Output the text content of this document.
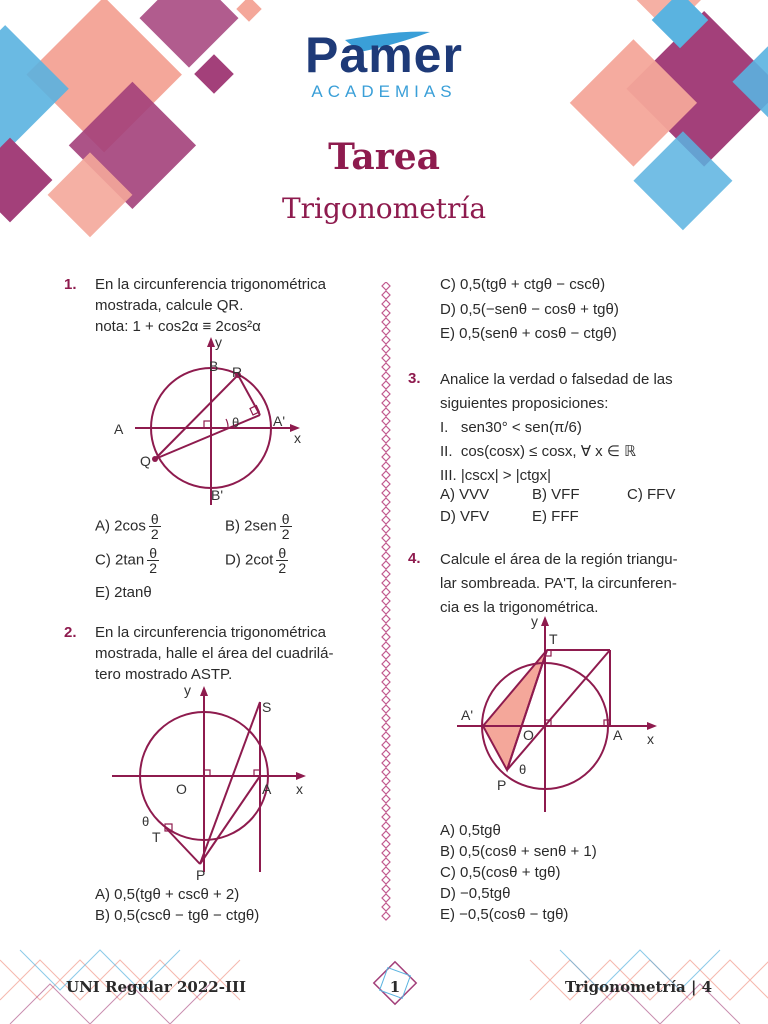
Pamer
ACADEMIAS
Tarea
Trigonometría
1. En la circunferencia trigonométrica
mostrada, calcule QR.
nota: 1 + cos2α ≡ 2cos²α
y
B R
A	A'
x
θ
Q
B'
A) $2\cos \frac{\theta}{2}$	B) $2sen \frac{\theta}{2}$
C) $2\tan \frac{\theta}{2}$	D) $2\cot \frac{\theta}{2}$
E) 2tanθ
2. En la circunferencia trigonométrica
mostrada, halle el área del cuadrilá-
tero mostrado ASTP.
y
S
O	A x
θ
T
P
A) 0,5(tgθ + cscθ + 2)
B) 0,5(cscθ − tgθ − ctgθ)
C) 0,5(tgθ + ctgθ − cscθ)
D) 0,5(−senθ − cosθ + tgθ)
E) 0,5(senθ + cosθ − ctgθ)
3. Analice la verdad o falsedad de las
siguientes proposiciones:
I.   sen30° < sen(π/6)
II.  cos(cosx) ≤ cosx, ∀ x ∈ ℝ
III. |cscx| > |ctgx|
A) VVV	B) VFF	C) FFV
D) VFV	E) FFF
4. Calcule el área de la región triangu-
lar sombreada. PA'T, la circunferen-
cia es la trigonométrica.
y
T
A'
O	A x
θ
P
A) 0,5tgθ
B) 0,5(cosθ + senθ + 1)
C) 0,5(cosθ + tgθ)
D) −0,5tgθ
E) −0,5(cosθ − tgθ)
UNI Regular 2022-III	1	Trigonometría | 4
